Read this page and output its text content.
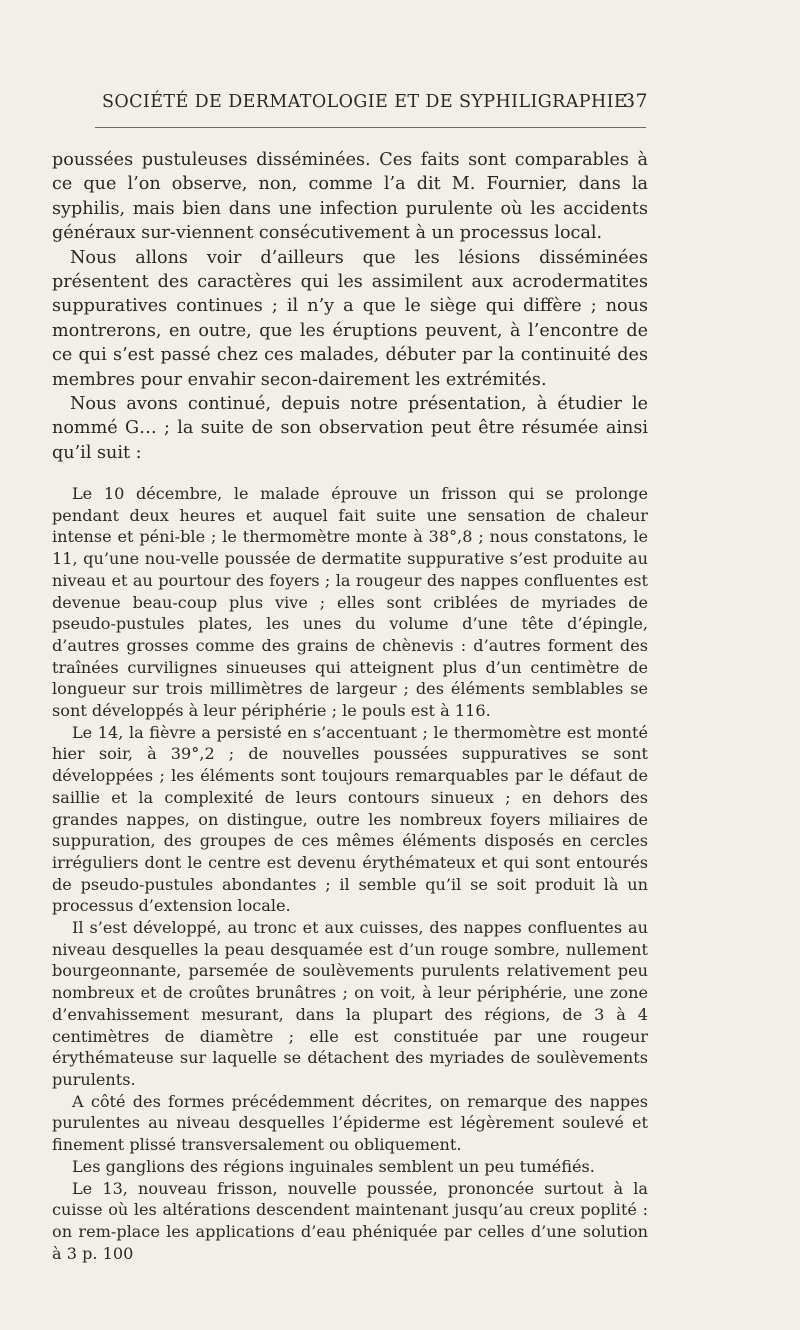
SOCIÉTÉ DE DERMATOLOGIE ET DE SYPHILIGRAPHIE
37

poussées pustuleuses disséminées. Ces faits sont comparables à ce que l’on observe, non, comme l’a dit M. Fournier, dans la syphilis, mais bien dans une infection purulente où les accidents généraux sur-viennent consécutivement à un processus local.

Nous allons voir d’ailleurs que les lésions disséminées présentent des caractères qui les assimilent aux acrodermatites suppuratives continues ; il n’y a que le siège qui diffère ; nous montrerons, en outre, que les éruptions peuvent, à l’encontre de ce qui s’est passé chez ces malades, débuter par la continuité des membres pour envahir secon-dairement les extrémités.

Nous avons continué, depuis notre présentation, à étudier le nommé G… ; la suite de son observation peut être résumée ainsi qu’il suit :

Le 10 décembre, le malade éprouve un frisson qui se prolonge pendant deux heures et auquel fait suite une sensation de chaleur intense et péni-ble ; le thermomètre monte à 38°,8 ; nous constatons, le 11, qu’une nou-velle poussée de dermatite suppurative s’est produite au niveau et au pourtour des foyers ; la rougeur des nappes confluentes est devenue beau-coup plus vive ; elles sont criblées de myriades de pseudo-pustules plates, les unes du volume d’une tête d’épingle, d’autres grosses comme des grains de chènevis : d’autres forment des traînées curvilignes sinueuses qui atteignent plus d’un centimètre de longueur sur trois millimètres de largeur ; des éléments semblables se sont développés à leur périphérie ; le pouls est à 116.

Le 14, la fièvre a persisté en s’accentuant ; le thermomètre est monté hier soir, à 39°,2 ; de nouvelles poussées suppuratives se sont développées ; les éléments sont toujours remarquables par le défaut de saillie et la complexité de leurs contours sinueux ; en dehors des grandes nappes, on distingue, outre les nombreux foyers miliaires de suppuration, des groupes de ces mêmes éléments disposés en cercles irréguliers dont le centre est devenu érythémateux et qui sont entourés de pseudo-pustules abondantes ; il semble qu’il se soit produit là un processus d’extension locale.

Il s’est développé, au tronc et aux cuisses, des nappes confluentes au niveau desquelles la peau desquamée est d’un rouge sombre, nullement bourgeonnante, parsemée de soulèvements purulents relativement peu nombreux et de croûtes brunâtres ; on voit, à leur périphérie, une zone d’envahissement mesurant, dans la plupart des régions, de 3 à 4 centimètres de diamètre ; elle est constituée par une rougeur érythémateuse sur laquelle se détachent des myriades de soulèvements purulents.

A côté des formes précédemment décrites, on remarque des nappes purulentes au niveau desquelles l’épiderme est légèrement soulevé et finement plissé transversalement ou obliquement.

Les ganglions des régions inguinales semblent un peu tuméfiés.

Le 13, nouveau frisson, nouvelle poussée, prononcée surtout à la cuisse où les altérations descendent maintenant jusqu’au creux poplité : on rem-place les applications d’eau phéniquée par celles d’une solution à 3 p. 100
